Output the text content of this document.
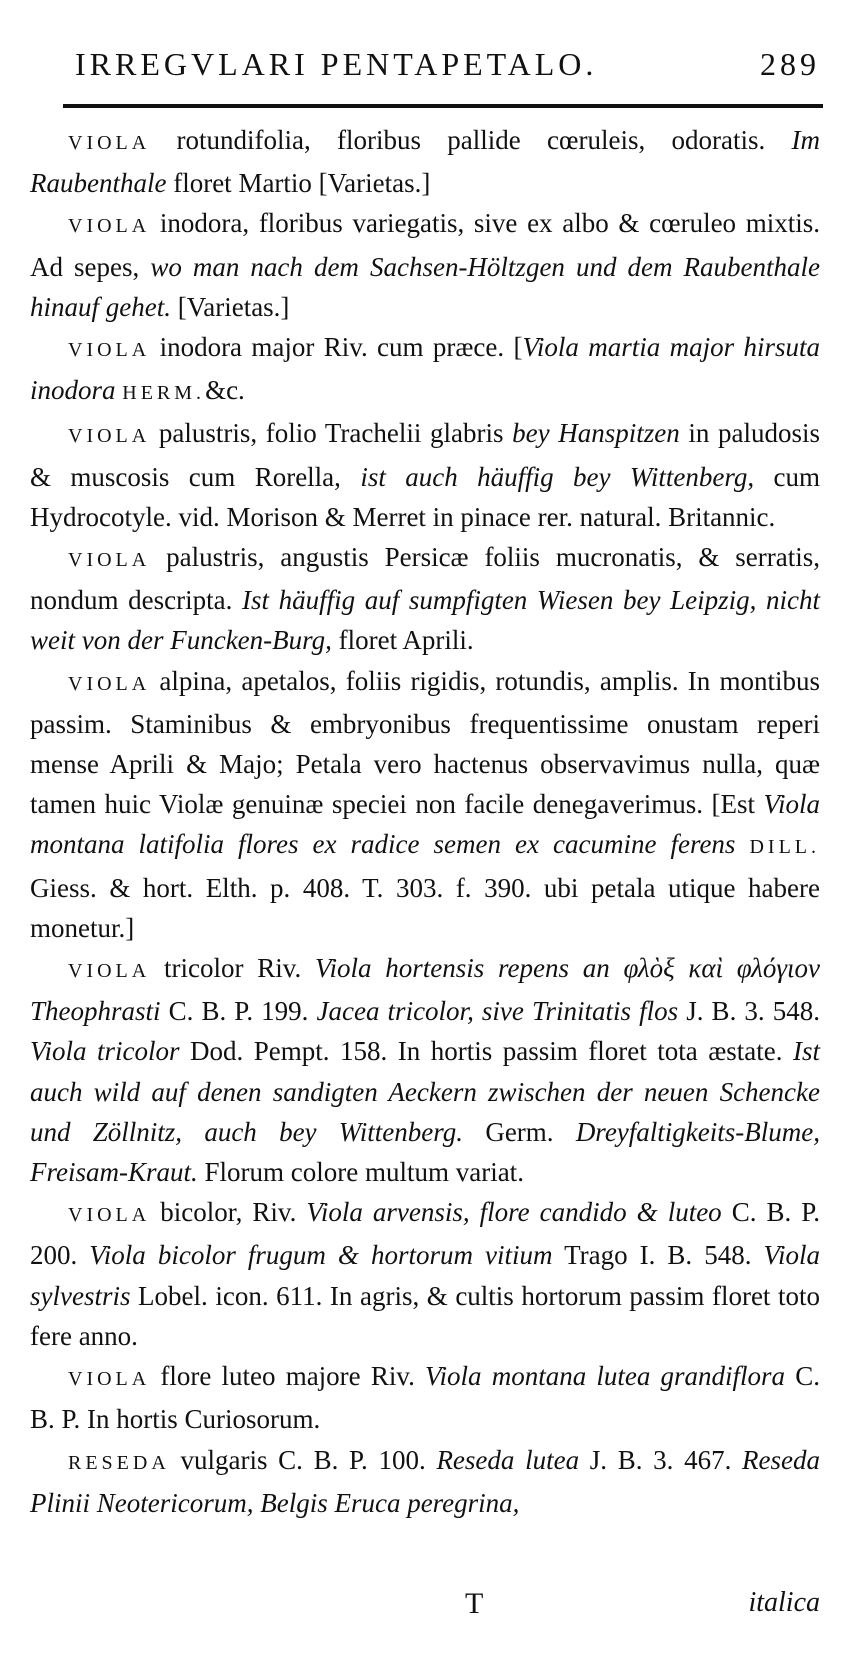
IRREGVLARI PENTAPETALO.	289

VIOLA rotundifolia, floribus pallide cœruleis, odoratis. Im Raubenthale floret Martio [Varietas.]

VIOLA inodora, floribus variegatis, sive ex albo & cœruleo mixtis. Ad sepes, wo man nach dem Sachsen-Höltzgen und dem Raubenthale hinauf gehet. [Varietas.]

VIOLA inodora major Riv. cum præce. [Viola martia major hirsuta inodora HERM.&c.

VIOLA palustris, folio Trachelii glabris bey Hanspitzen in paludosis & muscosis cum Rorella, ist auch häuffig bey Wittenberg, cum Hydrocotyle. vid. Morison & Merret in pinace rer. natural. Britannic.

VIOLA palustris, angustis Persicæ foliis mucronatis, & serratis, nondum descripta. Ist häuffig auf sumpfigten Wiesen bey Leipzig, nicht weit von der Funcken-Burg, floret Aprili.

VIOLA alpina, apetalos, foliis rigidis, rotundis, amplis. In montibus passim. Staminibus & embryonibus frequentissime onustam reperi mense Aprili & Majo; Petala vero hactenus observavimus nulla, quæ tamen huic Violæ genuinæ speciei non facile denegaverimus. [Est Viola montana latifolia flores ex radice semen ex cacumine ferens DILL. Giess. & hort. Elth. p. 408. T. 303. f. 390. ubi petala utique habere monetur.]

VIOLA tricolor Riv. Viola hortensis repens an φλὸξ καὶ φλόγιον Theophrasti C. B. P. 199. Jacea tricolor, sive Trinitatis flos J. B. 3. 548. Viola tricolor Dod. Pempt. 158. In hortis passim floret tota æstate. Ist auch wild auf denen sandigten Aeckern zwischen der neuen Schencke und Zöllnitz, auch bey Wittenberg. Germ. Dreyfaltigkeits-Blume, Freisam-Kraut. Florum colore multum variat.

VIOLA bicolor, Riv. Viola arvensis, flore candido & luteo C. B. P. 200. Viola bicolor frugum & hortorum vitium Trago I. B. 548. Viola sylvestris Lobel. icon. 611. In agris, & cultis hortorum passim floret toto fere anno.

VIOLA flore luteo majore Riv. Viola montana lutea grandiflora C. B. P. In hortis Curiosorum.

RESEDA vulgaris C. B. P. 100. Reseda lutea J. B. 3. 467. Reseda Plinii Neotericorum, Belgis Eruca peregrina,

T	italica
